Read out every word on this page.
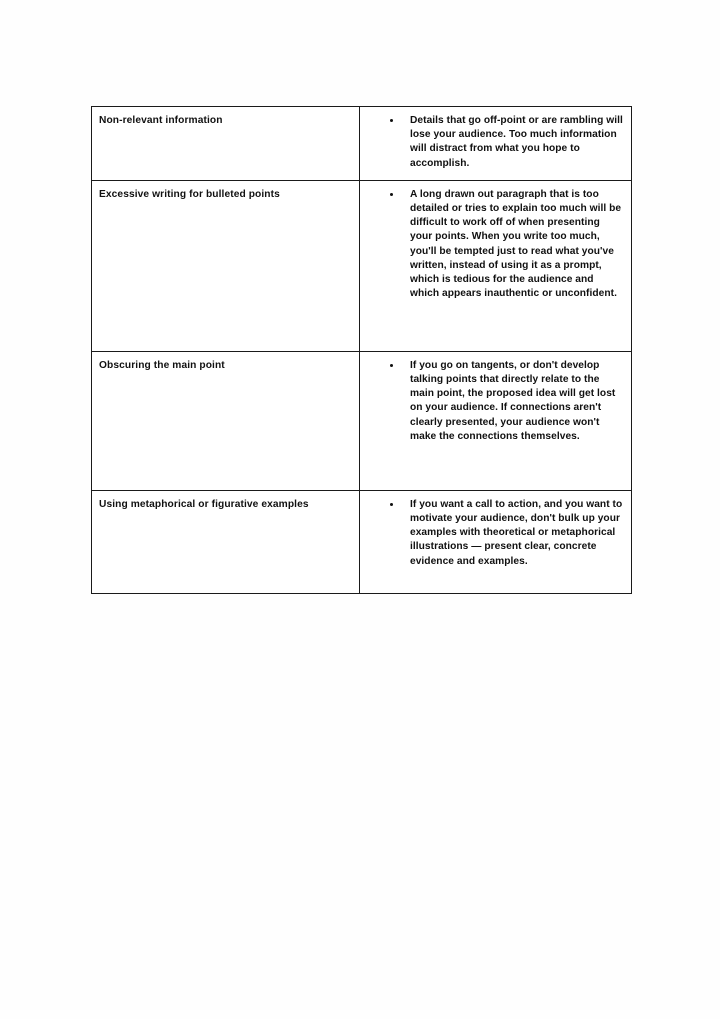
Non-relevant information	Details that go off-point or are rambling will lose your audience. Too much information will distract from what you hope to accomplish.

Excessive writing for bulleted points	A long drawn out paragraph that is too detailed or tries to explain too much will be difficult to work off of when presenting your points. When you write too much, you'll be tempted just to read what you've written, instead of using it as a prompt, which is tedious for the audience and which appears inauthentic or unconfident.

Obscuring the main point	If you go on tangents, or don't develop talking points that directly relate to the main point, the proposed idea will get lost on your audience. If connections aren't clearly presented, your audience won't make the connections themselves.

Using metaphorical or figurative examples	If you want a call to action, and you want to motivate your audience, don't bulk up your examples with theoretical or metaphorical illustrations — present clear, concrete evidence and examples.
